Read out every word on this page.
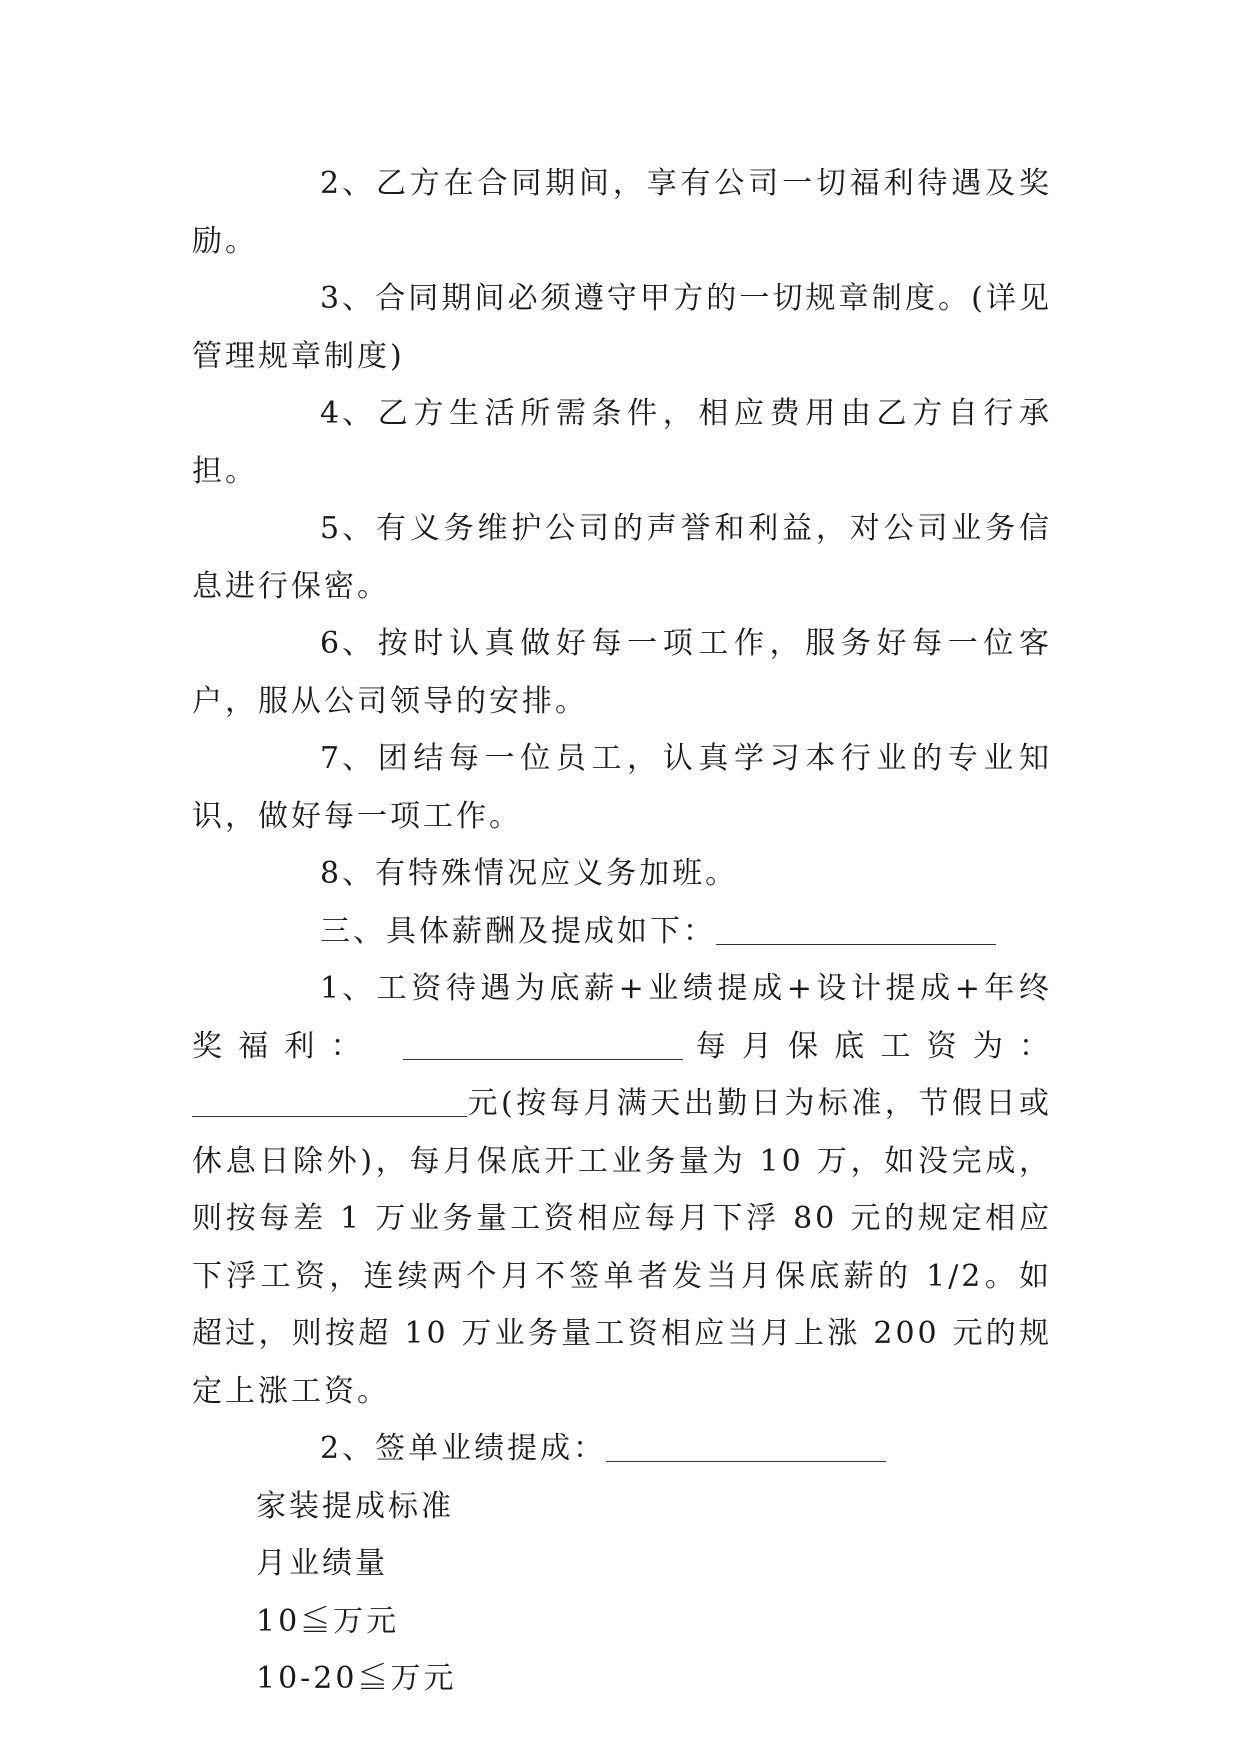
2、乙方在合同期间，享有公司一切福利待遇及奖励。

3、合同期间必须遵守甲方的一切规章制度。(详见管理规章制度)

4、乙方生活所需条件，相应费用由乙方自行承担。

5、有义务维护公司的声誉和利益，对公司业务信息进行保密。

6、按时认真做好每一项工作，服务好每一位客户，服从公司领导的安排。

7、团结每一位员工，认真学习本行业的专业知识，做好每一项工作。

8、有特殊情况应义务加班。

三、具体薪酬及提成如下：

1、工资待遇为底薪+业绩提成+设计提成+年终奖福利：	每月保底工资为：元(按每月满天出勤日为标准，节假日或休息日除外)，每月保底开工业务量为 10 万，如没完成，则按每差 1 万业务量工资相应每月下浮 80 元的规定相应下浮工资，连续两个月不签单者发当月保底薪的 1/2。如超过，则按超 10 万业务量工资相应当月上涨 200 元的规定上涨工资。

2、签单业绩提成：

家装提成标准

月业绩量

10≦万元

10-20≦万元
